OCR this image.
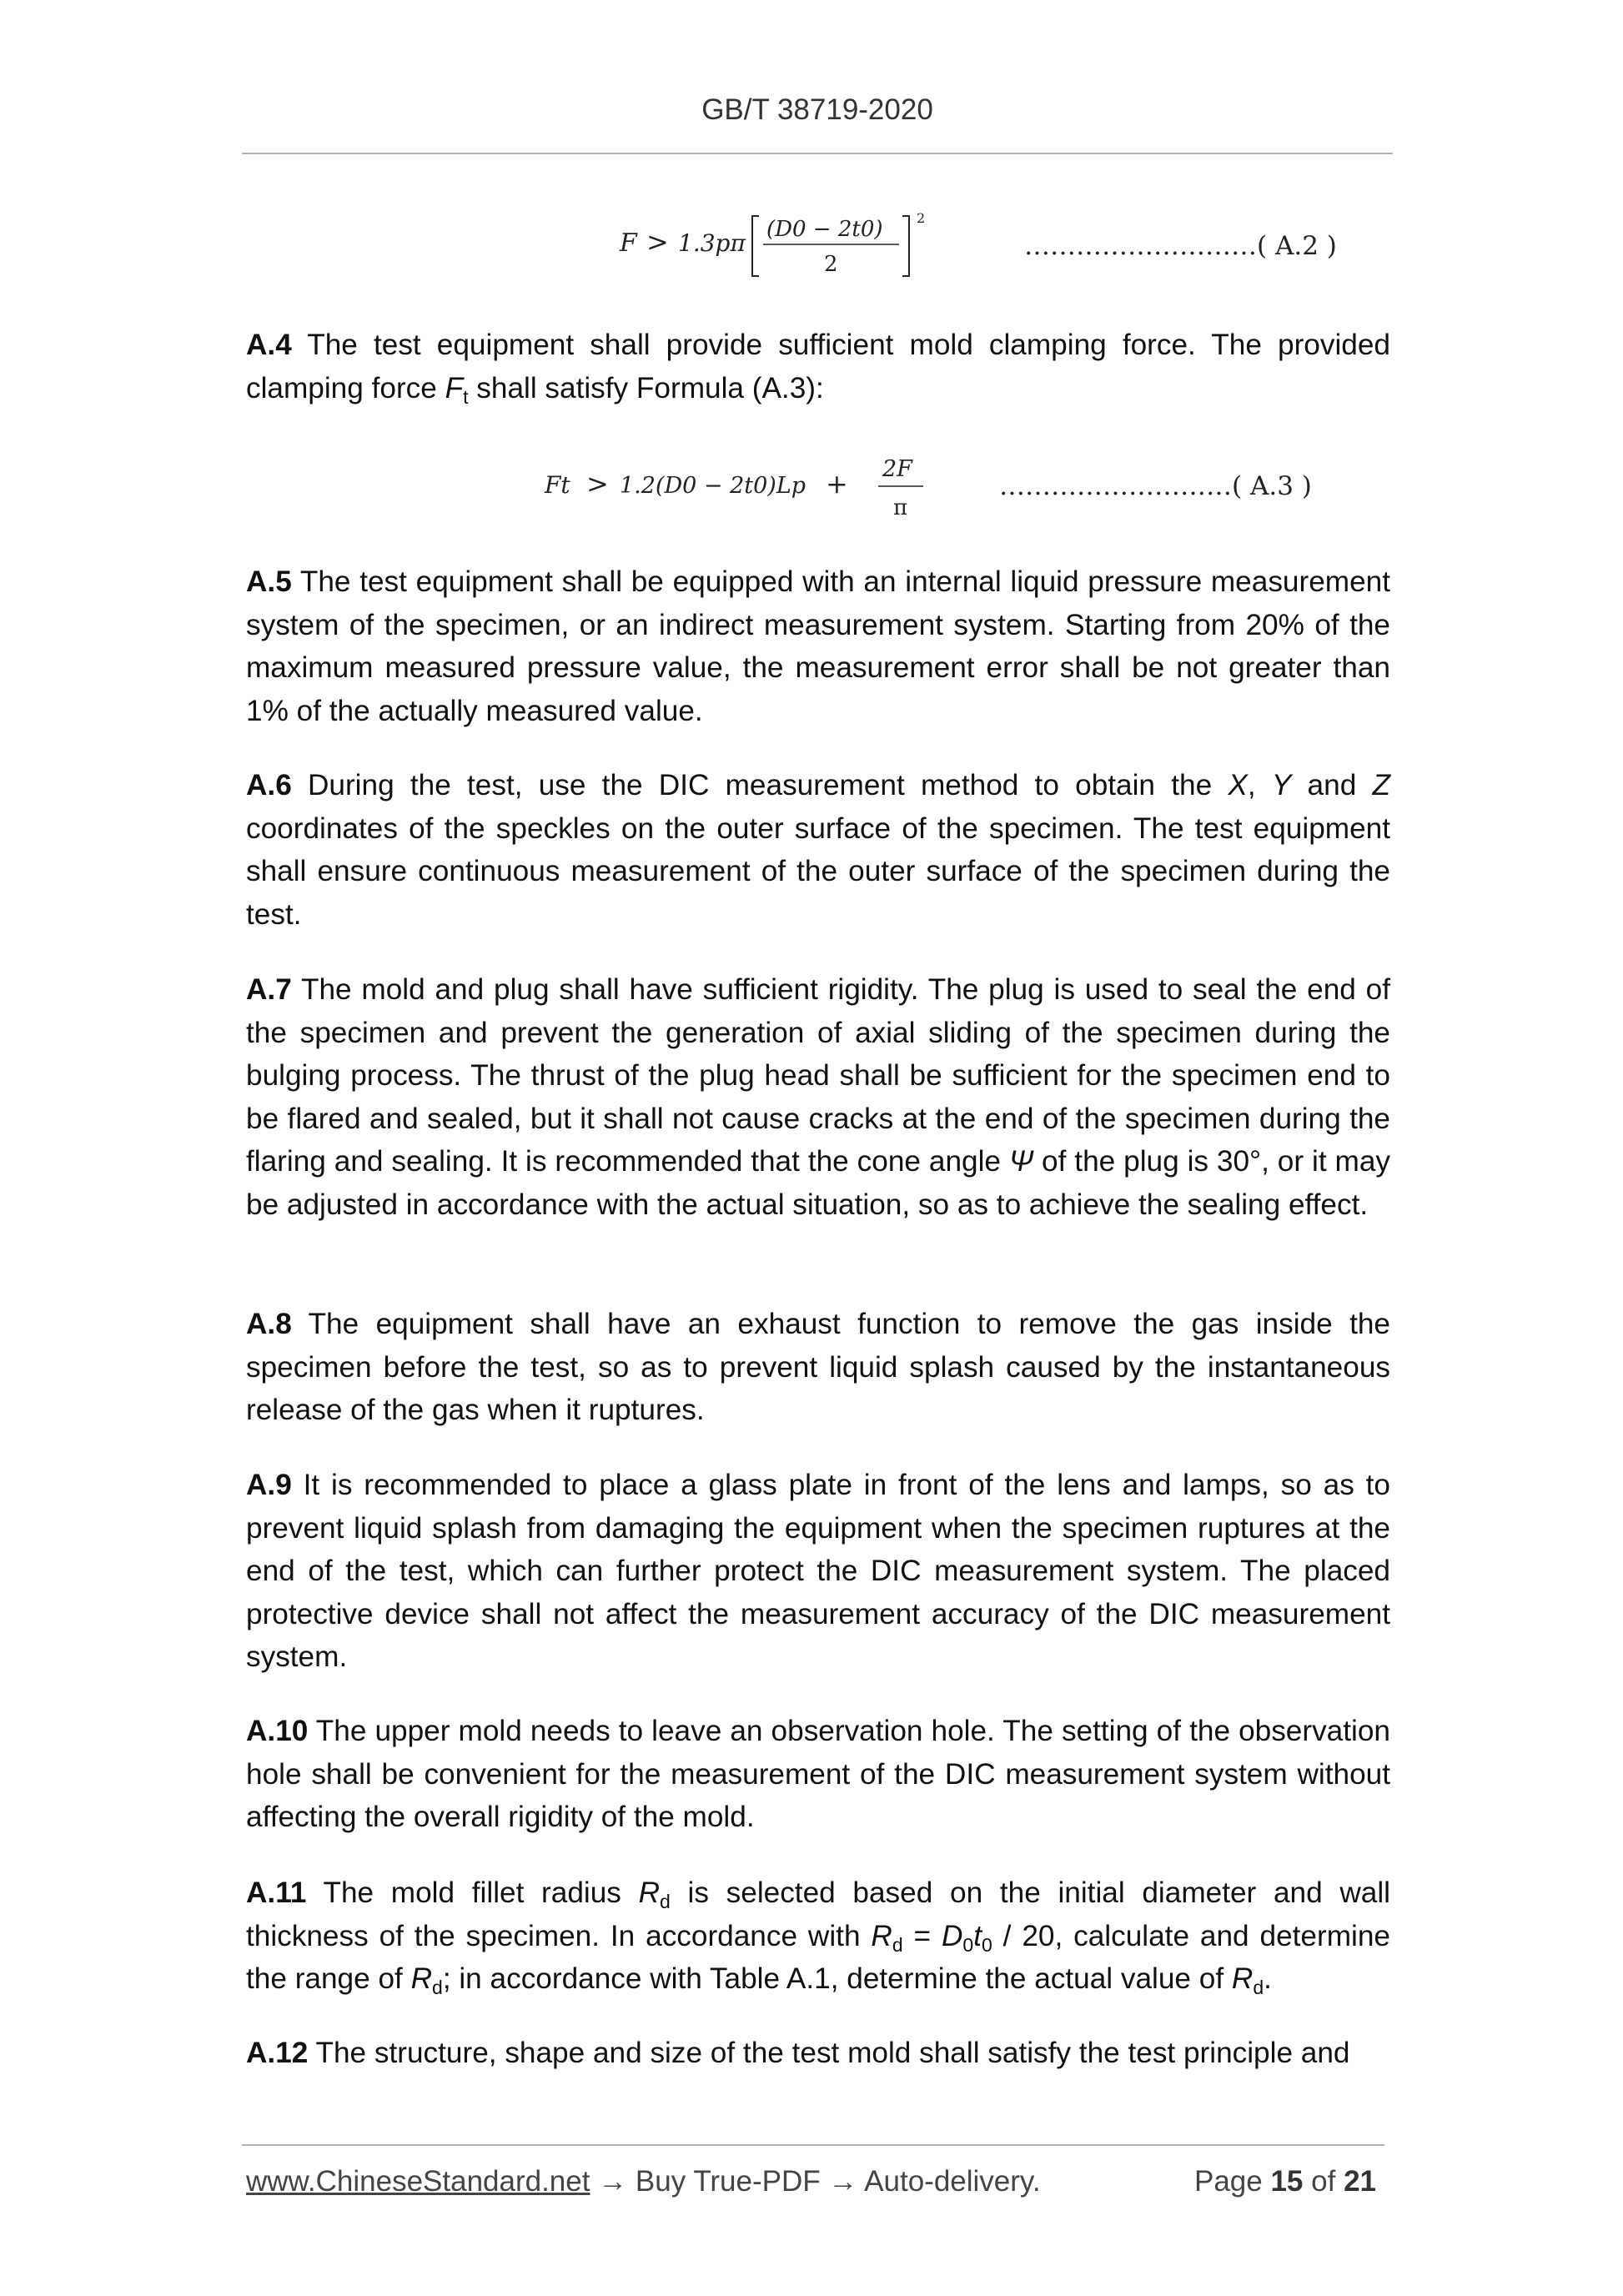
GB/T 38719-2020
F > 1.3pπ (D0 − 2t0)
2
2
………………………( A.2 )

A.4 The test equipment shall provide sufficient mold clamping force. The provided clamping force $F_t$ shall satisfy Formula (A.3):

Ft > 1.2(D0 − 2t0)Lp + 2F
π
………………………( A.3 )

A.5 The test equipment shall be equipped with an internal liquid pressure measurement system of the specimen, or an indirect measurement system. Starting from 20% of the maximum measured pressure value, the measurement error shall be not greater than 1% of the actually measured value.

A.6 During the test, use the DIC measurement method to obtain the X, Y and Z coordinates of the speckles on the outer surface of the specimen. The test equipment shall ensure continuous measurement of the outer surface of the specimen during the test.

A.7 The mold and plug shall have sufficient rigidity. The plug is used to seal the end of the specimen and prevent the generation of axial sliding of the specimen during the bulging process. The thrust of the plug head shall be sufficient for the specimen end to be flared and sealed, but it shall not cause cracks at the end of the specimen during the flaring and sealing. It is recommended that the cone angle Ψ of the plug is 30°, or it may be adjusted in accordance with the actual situation, so as to achieve the sealing effect.

A.8 The equipment shall have an exhaust function to remove the gas inside the specimen before the test, so as to prevent liquid splash caused by the instantaneous release of the gas when it ruptures.

A.9 It is recommended to place a glass plate in front of the lens and lamps, so as to prevent liquid splash from damaging the equipment when the specimen ruptures at the end of the test, which can further protect the DIC measurement system. The placed protective device shall not affect the measurement accuracy of the DIC measurement system.

A.10 The upper mold needs to leave an observation hole. The setting of the observation hole shall be convenient for the measurement of the DIC measurement system without affecting the overall rigidity of the mold.

A.11 The mold fillet radius $R_d$ is selected based on the initial diameter and wall thickness of the specimen. In accordance with $R_d = D_0t_0 / 20$, calculate and determine the range of $R_d$; in accordance with Table A.1, determine the actual value of $R_d$.

A.12 The structure, shape and size of the test mold shall satisfy the test principle and

www.ChineseStandard.net → Buy True-PDF → Auto-delivery.	Page 15 of 21
